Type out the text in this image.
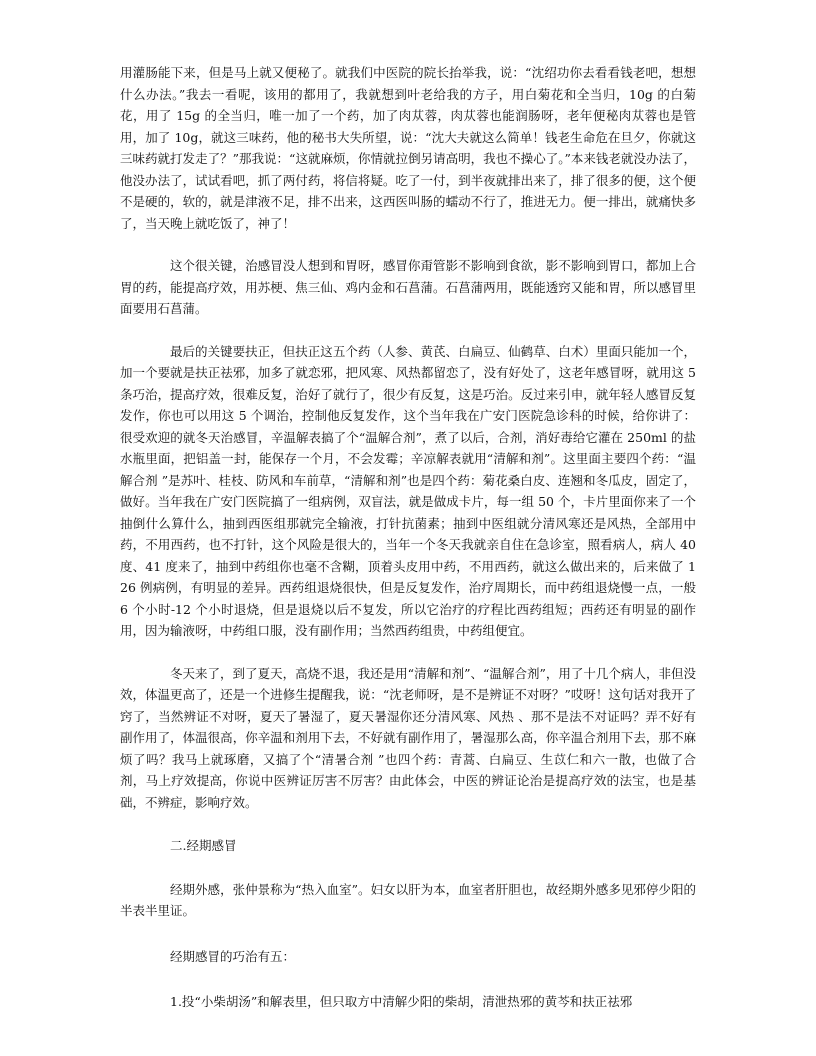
用灌肠能下来，但是马上就又便秘了。就我们中医院的院长抬举我，说：“沈绍功你去看看钱老吧，想想什么办法。”我去一看呢，该用的都用了，我就想到叶老给我的方子，用白菊花和全当归，10g 的白菊花，用了 15g 的全当归，唯一加了一个药，加了肉苁蓉，肉苁蓉也能润肠呀，老年便秘肉苁蓉也是管用，加了 10g，就这三味药，他的秘书大失所望，说：“沈大夫就这么简单！钱老生命危在旦夕，你就这三味药就打发走了？”那我说：“这就麻烦，你情就拉倒另请高明，我也不操心了。”本来钱老就没办法了，他没办法了，试试看吧，抓了两付药，将信将疑。吃了一付，到半夜就排出来了，排了很多的便，这个便不是硬的，软的，就是津液不足，排不出来，这西医叫肠的蠕动不行了，推进无力。便一排出，就痛快多了，当天晚上就吃饭了，神了！

这个很关键，治感冒没人想到和胃呀，感冒你甭管影不影响到食欲，影不影响到胃口，都加上合胃的药，能提高疗效，用苏梗、焦三仙、鸡内金和石菖蒲。石菖蒲两用，既能透窍又能和胃，所以感冒里面要用石菖蒲。

最后的关键要扶正，但扶正这五个药（人参、黄芪、白扁豆、仙鹤草、白术）里面只能加一个，加一个要就是扶正祛邪，加多了就恋邪，把风寒、风热都留恋了，没有好处了，这老年感冒呀，就用这 5 条巧治，提高疗效，很难反复，治好了就行了，很少有反复，这是巧治。反过来引申，就年轻人感冒反复发作，你也可以用这 5 个调治，控制他反复发作，这个当年我在广安门医院急诊科的时候，给你讲了：很受欢迎的就冬天治感冒，辛温解表搞了个“温解合剂”，煮了以后，合剂，消好毒给它灌在 250ml 的盐水瓶里面，把铝盖一封，能保存一个月，不会发霉；辛凉解表就用“清解和剂”。这里面主要四个药：“温解合剂 ”是苏叶、桂枝、防风和车前草，“清解和剂”也是四个药：菊花桑白皮、连翘和冬瓜皮，固定了，做好。当年我在广安门医院搞了一组病例，双盲法，就是做成卡片，每一组 50 个，卡片里面你来了一个抽倒什么算什么，抽到西医组那就完全输液，打针抗菌素；抽到中医组就分清风寒还是风热，全部用中药，不用西药，也不打针，这个风险是很大的，当年一个冬天我就亲自住在急诊室，照看病人，病人 40 度、41 度来了，抽到中药组你也毫不含糊，顶着头皮用中药，不用西药，就这么做出来的，后来做了 126 例病例，有明显的差异。西药组退烧很快，但是反复发作，治疗周期长，而中药组退烧慢一点，一般 6 个小时-12 个小时退烧，但是退烧以后不复发，所以它治疗的疗程比西药组短；西药还有明显的副作用，因为输液呀，中药组口服，没有副作用；当然西药组贵，中药组便宜。

冬天来了，到了夏天，高烧不退，我还是用“清解和剂”、“温解合剂”，用了十几个病人，非但没效，体温更高了，还是一个进修生提醒我，说：“沈老师呀，是不是辨证不对呀？”哎呀！这句话对我开了窍了，当然辨证不对呀，夏天了暑湿了，夏天暑湿你还分清风寒、风热 、那不是法不对证吗？弄不好有副作用了，体温很高，你辛温和剂用下去，不好就有副作用了，暑湿那么高，你辛温合剂用下去，那不麻烦了吗？我马上就琢磨，又搞了个“清暑合剂 ”也四个药：青蒿、白扁豆、生苡仁和六一散，也做了合剂，马上疗效提高，你说中医辨证厉害不厉害？由此体会，中医的辨证论治是提高疗效的法宝，也是基础，不辨症，影响疗效。

二.经期感冒

经期外感，张仲景称为“热入血室”。妇女以肝为本，血室者肝胆也，故经期外感多见邪停少阳的半表半里证。

经期感冒的巧治有五：

1.投“小柴胡汤”和解表里，但只取方中清解少阳的柴胡，清泄热邪的黄芩和扶正祛邪
